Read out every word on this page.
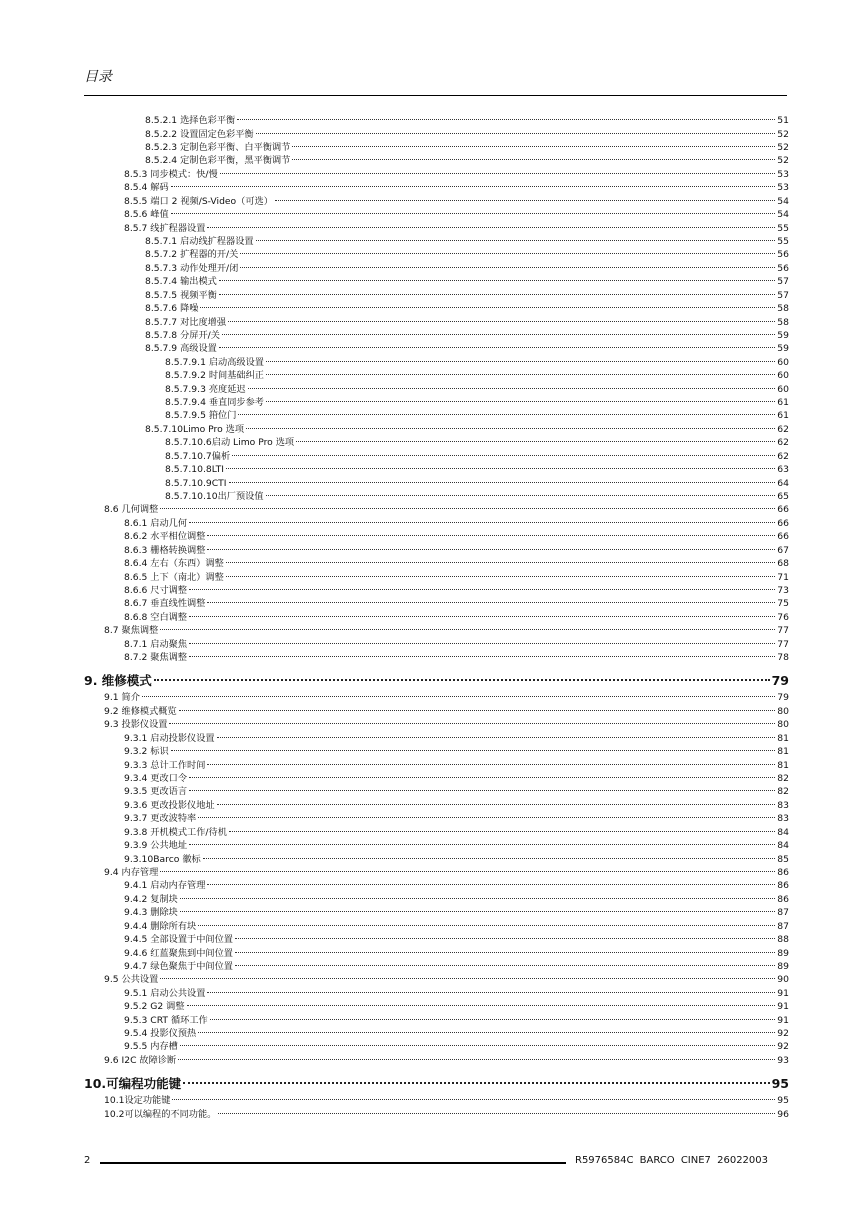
目录
8.5.2.1 选择色彩平衡	51
8.5.2.2 设置固定色彩平衡	52
8.5.2.3 定制色彩平衡、白平衡调节	52
8.5.2.4 定制色彩平衡，黑平衡调节	52
8.5.3 同步模式：快/慢	53
8.5.4 解码	53
8.5.5 端口 2 视频/S-Video（可选）	54
8.5.6 峰值	54
8.5.7 线扩程器设置	55
8.5.7.1 启动线扩程器设置	55
8.5.7.2 扩程器的开/关	56
8.5.7.3 动作处理开/闭	56
8.5.7.4 输出模式	57
8.5.7.5 视频平衡	57
8.5.7.6 降噪	58
8.5.7.7 对比度增强	58
8.5.7.8 分屏开/关	59
8.5.7.9 高级设置	59
8.5.7.9.1 启动高级设置	60
8.5.7.9.2 时间基础纠正	60
8.5.7.9.3 亮度延迟	60
8.5.7.9.4 垂直同步参考	61
8.5.7.9.5 箝位门	61
8.5.7.10Limo Pro 选项	62
8.5.7.10.6启动 Limo Pro 选项	62
8.5.7.10.7偏析	62
8.5.7.10.8LTI	63
8.5.7.10.9CTI	64
8.5.7.10.10出厂预设值	65
8.6 几何调整	66
8.6.1 启动几何	66
8.6.2 水平相位调整	66
8.6.3 栅格转换调整	67
8.6.4 左右（东西）调整	68
8.6.5 上下（南北）调整	71
8.6.6 尺寸调整	73
8.6.7 垂直线性调整	75
8.6.8 空白调整	76
8.7 聚焦调整	77
8.7.1 启动聚焦	77
8.7.2 聚焦调整	78
9. 维修模式	79
9.1 简介	79
9.2 维修模式概览	80
9.3 投影仪设置	80
9.3.1 启动投影仪设置	81
9.3.2 标识	81
9.3.3 总计工作时间	81
9.3.4 更改口令	82
9.3.5 更改语言	82
9.3.6 更改投影仪地址	83
9.3.7 更改波特率	83
9.3.8 开机模式工作/待机	84
9.3.9 公共地址	84
9.3.10Barco 徽标	85
9.4 内存管理	86
9.4.1 启动内存管理	86
9.4.2 复制块	86
9.4.3 删除块	87
9.4.4 删除所有块	87
9.4.5 全部设置于中间位置	88
9.4.6 红蓝聚焦到中间位置	89
9.4.7 绿色聚焦于中间位置	89
9.5 公共设置	90
9.5.1 启动公共设置	91
9.5.2 G2 调整	91
9.5.3 CRT 循环工作	91
9.5.4 投影仪预热	92
9.5.5 内存槽	92
9.6 I2C 故障诊断	93
10.可编程功能键	95
10.1设定功能键	95
10.2可以编程的不同功能。	96
2	R5976584C BARCO CINE7 26022003
